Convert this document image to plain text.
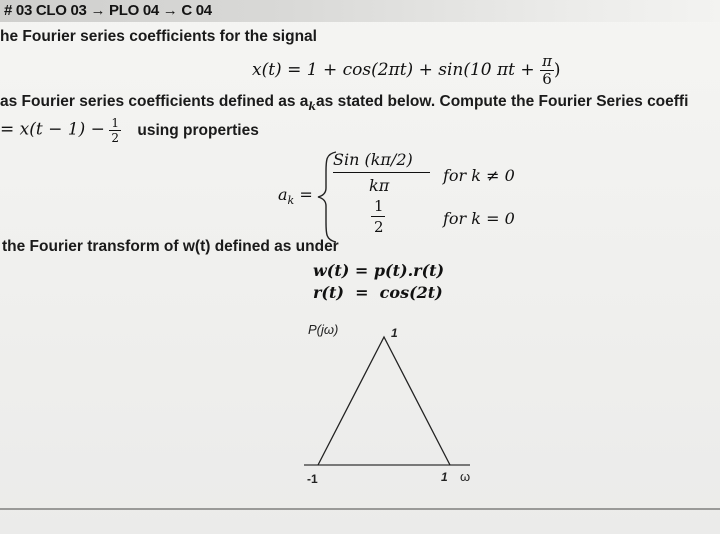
# 03 CLO 03 → PLO 04 → C 04
he Fourier series coefficients for the signal
x(t) = 1 + cos(2πt) + sin(10 $\pi t + \frac{\pi}{6}$ )
as Fourier series coefficients defined as $a_kas$ stated below. Compute the Fourier Series coeffi
= $x(t - 1) - \frac{1}{2}$ using properties
$a_k$ =
Sin (kπ/2)
kπ
for k ≠ 0
1
2	for k = 0
the Fourier transform of w(t) defined as under
w(t) = p(t).r(t)
r(t)  =  cos(2t)
P(jω)	1
-1	1 ω
